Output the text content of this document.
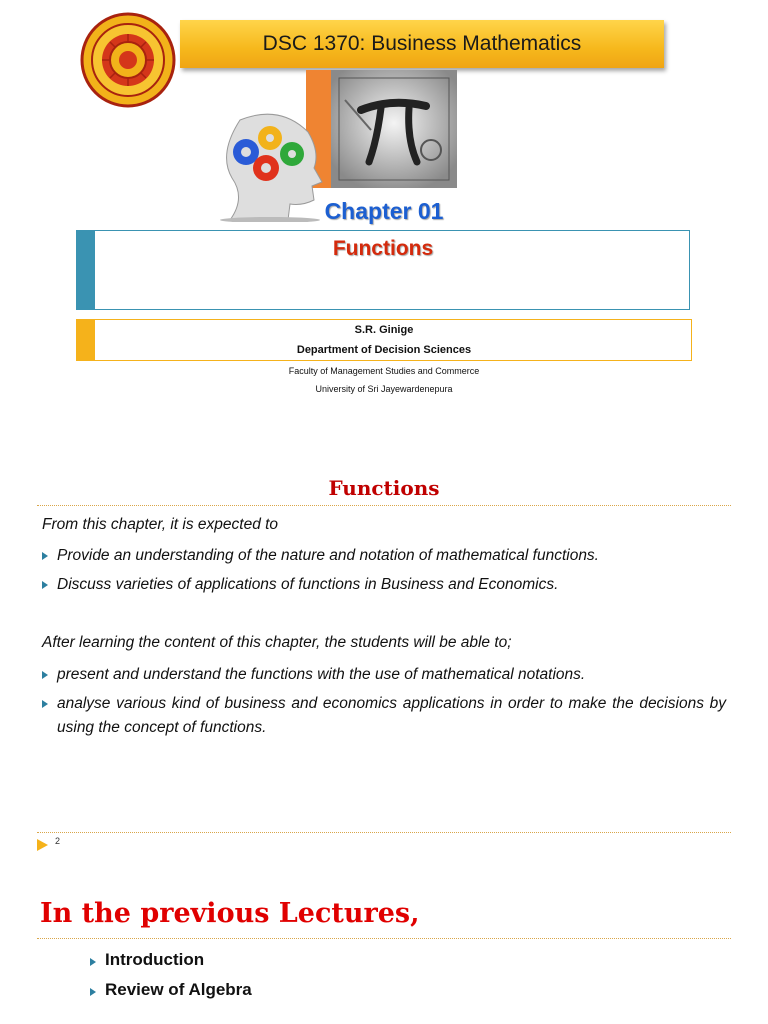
DSC 1370: Business Mathematics
Chapter 01
Functions
S.R. Ginige
Department of Decision Sciences
Faculty of Management Studies and Commerce
University of Sri Jayewardenepura
Functions
From this chapter, it is expected to
Provide an understanding of the nature and notation of mathematical functions.
Discuss varieties of applications of functions in Business and Economics.
After learning the content of this chapter, the students will be able to;
present and understand the functions with the use of mathematical notations.
analyse various kind of business and economics applications in order to make the decisions by using the concept of functions.
2
In the previous Lectures,
Introduction
Review of Algebra
